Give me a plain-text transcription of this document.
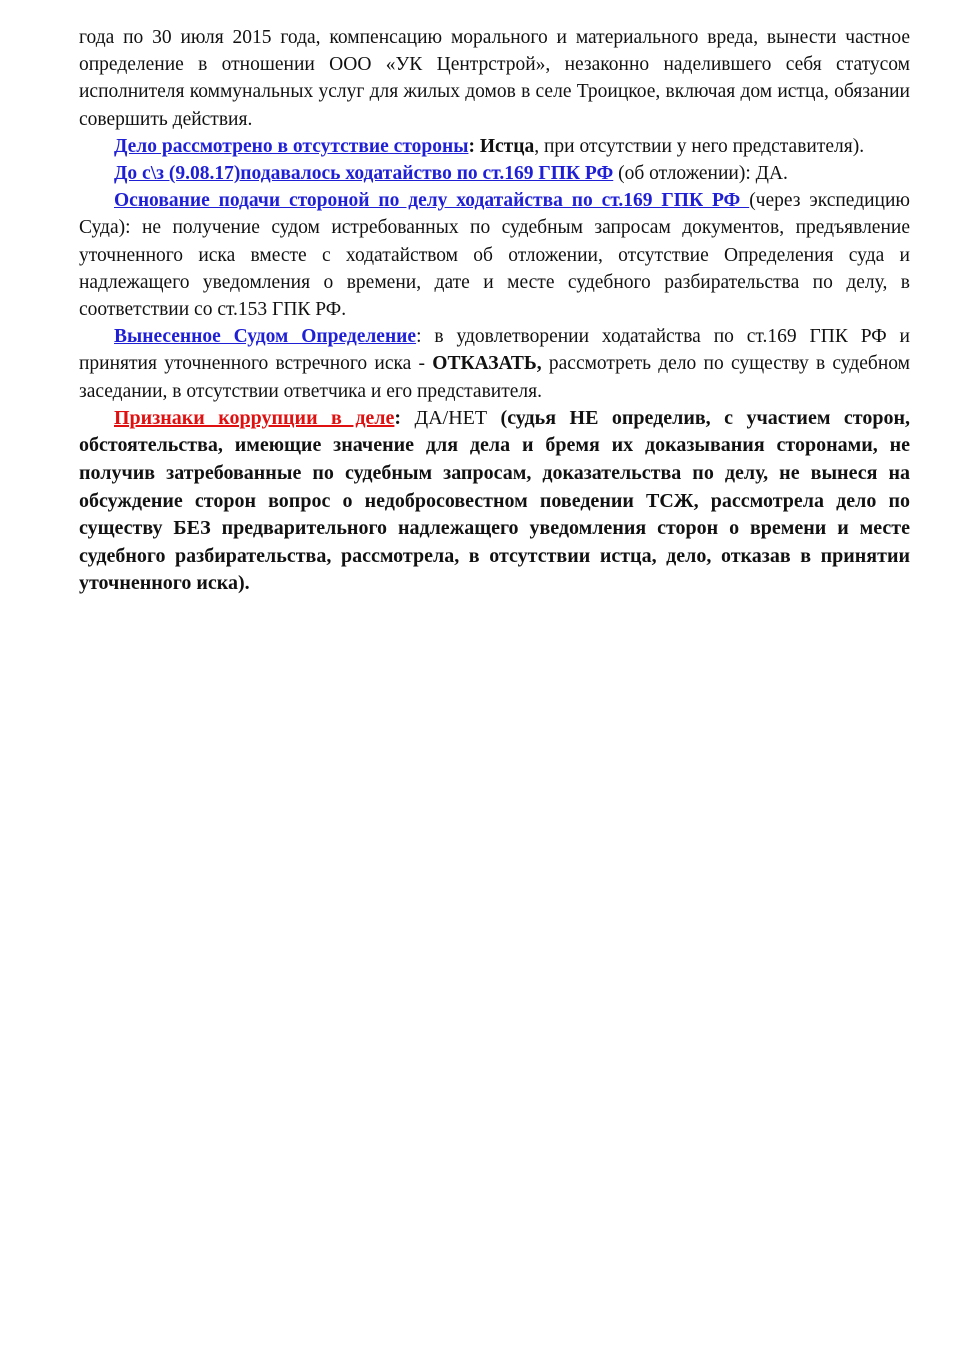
года по 30 июля 2015 года, компенсацию морального и материального вреда, вынести частное определение в отношении ООО «УК Центрстрой», незаконно наделившего себя статусом исполнителя коммунальных услуг для жилых домов в селе Троицкое, включая дом истца, обязании совершить действия.

Дело рассмотрено в отсутствие стороны: Истца, при отсутствии у него представителя).

До с\з (9.08.17)подавалось ходатайство по ст.169 ГПК РФ (об отложении): ДА.

Основание подачи стороной по делу ходатайства по ст.169 ГПК РФ (через экспедицию Суда): не получение судом истребованных по судебным запросам документов, предъявление уточненного иска вместе с ходатайством об отложении, отсутствие Определения суда и надлежащего уведомления о времени, дате и месте судебного разбирательства по делу, в соответствии со ст.153 ГПК РФ.

Вынесенное Судом Определение: в удовлетворении ходатайства по ст.169 ГПК РФ и принятия уточненного встречного иска - ОТКАЗАТЬ, рассмотреть дело по существу в судебном заседании, в отсутствии ответчика и его представителя.

Признаки коррупции в деле: ДА/НЕТ (судья НЕ определив, с участием сторон, обстоятельства, имеющие значение для дела и бремя их доказывания сторонами, не получив затребованные по судебным запросам, доказательства по делу, не вынеся на обсуждение сторон вопрос о недобросовестном поведении ТСЖ, рассмотрела дело по существу БЕЗ предварительного надлежащего уведомления сторон о времени и месте судебного разбирательства, рассмотрела, в отсутствии истца, дело, отказав в принятии уточненного иска).
